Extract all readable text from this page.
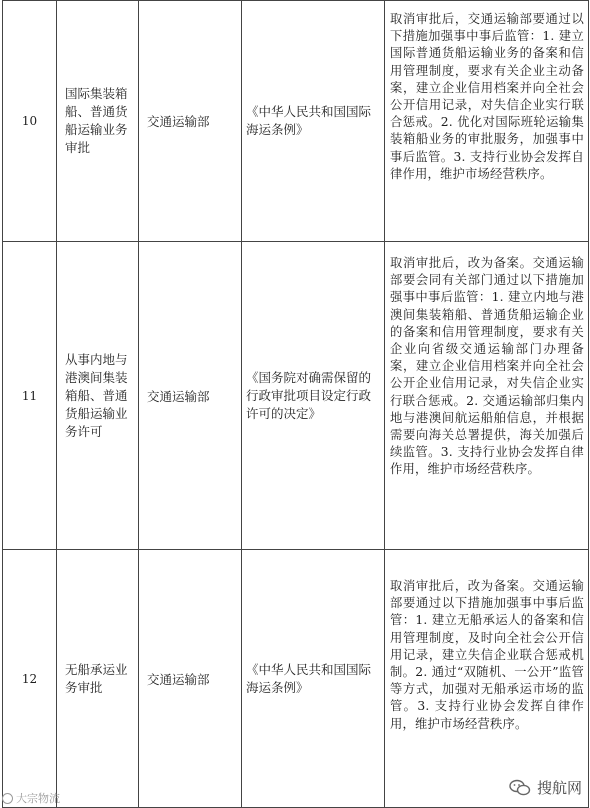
10	国际集装箱船、普通货船运输业务审批	交通运输部	《中华人民共和国国际海运条例》	取消审批后，交通运输部要通过以下措施加强事中事后监管：1. 建立国际普通货船运输业务的备案和信用管理制度，要求有关企业主动备案，建立企业信用档案并向全社会公开信用记录，对失信企业实行联合惩戒。2. 优化对国际班轮运输集装箱船业务的审批服务，加强事中事后监管。3. 支持行业协会发挥自律作用，维护市场经营秩序。
11	从事内地与港澳间集装箱船、普通货船运输业务许可	交通运输部	《国务院对确需保留的行政审批项目设定行政许可的决定》	取消审批后，改为备案。交通运输部要会同有关部门通过以下措施加强事中事后监管：1. 建立内地与港澳间集装箱船、普通货船运输企业的备案和信用管理制度，要求有关企业向省级交通运输部门办理备案，建立企业信用档案并向全社会公开企业信用记录，对失信企业实行联合惩戒。2. 交通运输部归集内地与港澳间航运船舶信息，并根据需要向海关总署提供，海关加强后续监管。3. 支持行业协会发挥自律作用，维护市场经营秩序。
12	无船承运业务审批	交通运输部	《中华人民共和国国际海运条例》	取消审批后，改为备案。交通运输部要通过以下措施加强事中事后监管：1. 建立无船承运人的备案和信用管理制度，及时向全社会公开信用记录，建立失信企业联合惩戒机制。2. 通过“双随机、一公开”监管等方式，加强对无船承运市场的监管。3. 支持行业协会发挥自律作用，维护市场经营秩序。
大宗物流
搜航网
